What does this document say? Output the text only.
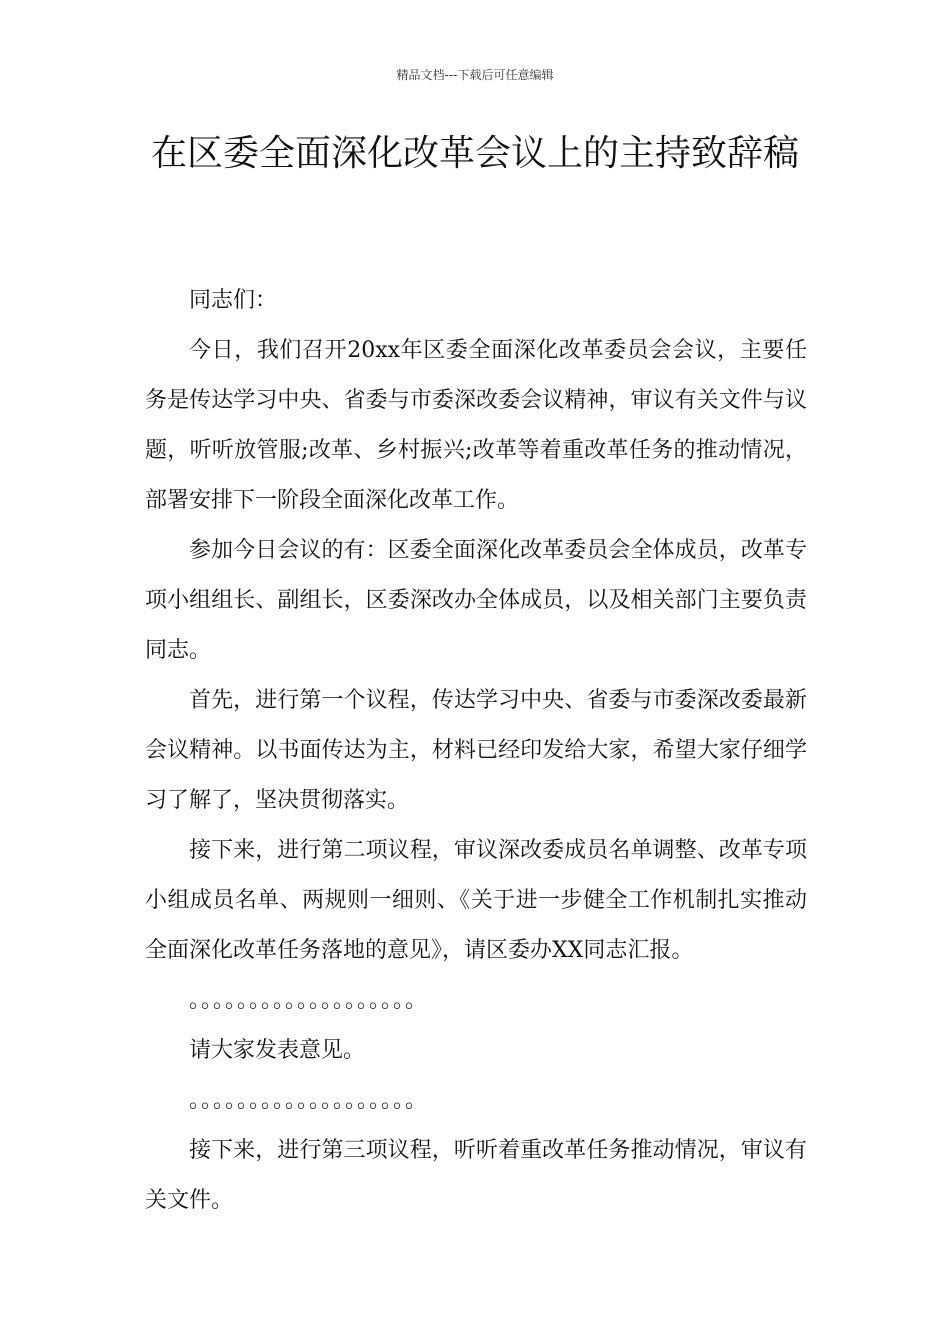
精品文档---下载后可任意编辑
在区委全面深化改革会议上的主持致辞稿

同志们：

今日，我们召开20xx年区委全面深化改革委员会会议，主要任务是传达学习中央、省委与市委深改委会议精神，审议有关文件与议题，听听放管服;改革、乡村振兴;改革等着重改革任务的推动情况，部署安排下一阶段全面深化改革工作。

参加今日会议的有：区委全面深化改革委员会全体成员，改革专项小组组长、副组长，区委深改办全体成员，以及相关部门主要负责同志。

首先，进行第一个议程，传达学习中央、省委与市委深改委最新会议精神。以书面传达为主，材料已经印发给大家，希望大家仔细学习了解了，坚决贯彻落实。

接下来，进行第二项议程，审议深改委成员名单调整、改革专项小组成员名单、两规则一细则、《关于进一步健全工作机制扎实推动全面深化改革任务落地的意见》，请区委办XX同志汇报。

。。。。。。。。。。。。。。。。。。。

请大家发表意见。

。。。。。。。。。。。。。。。。。。。

接下来，进行第三项议程，听听着重改革任务推动情况，审议有关文件。
